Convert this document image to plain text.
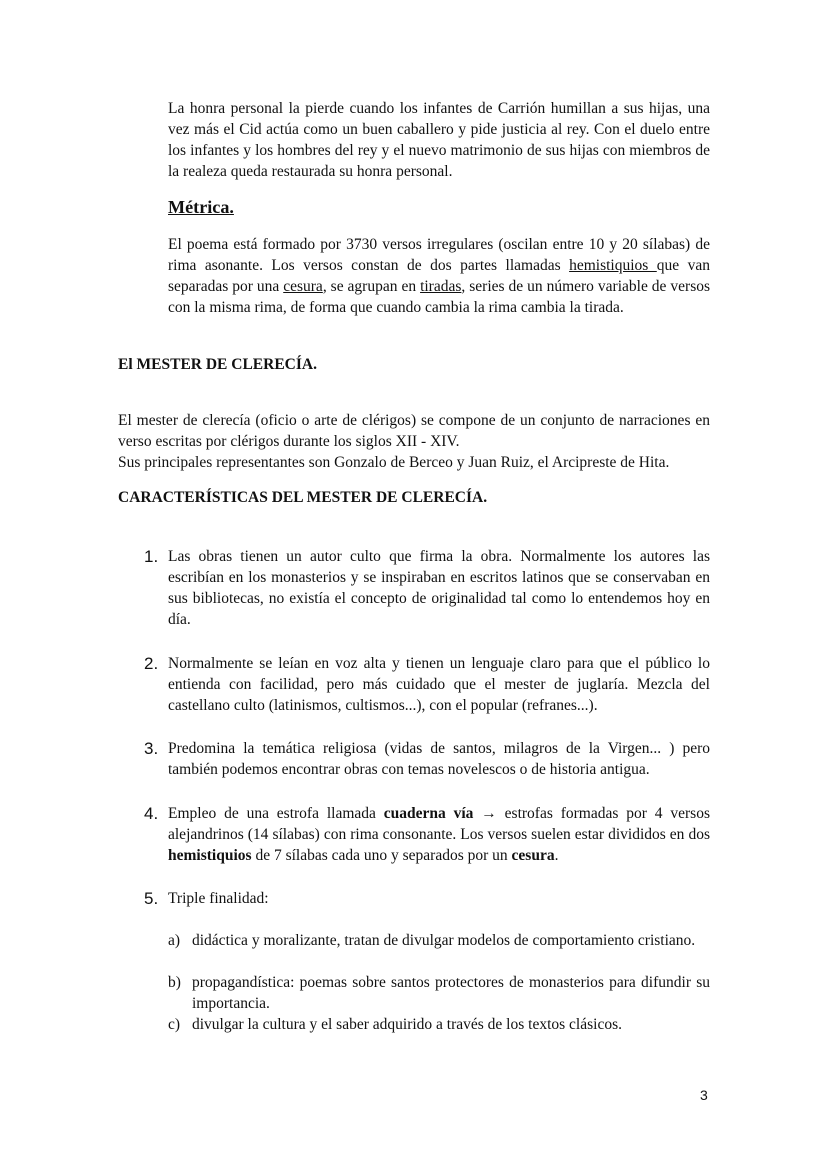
La honra personal la pierde cuando los infantes de Carrión humillan a sus hijas, una vez más el Cid actúa como un buen caballero y pide justicia al rey. Con el duelo entre los infantes y los hombres del rey y el nuevo matrimonio de sus hijas con miembros de la realeza queda restaurada su honra personal.

Métrica.

El poema está formado por 3730 versos irregulares (oscilan entre 10 y 20 sílabas) de rima asonante. Los versos constan de dos partes llamadas hemistiquios que van separadas por una cesura, se agrupan en tiradas, series de un número variable de versos con la misma rima, de forma que cuando cambia la rima cambia la tirada.

El MESTER DE CLERECÍA.

El mester de clerecía (oficio o arte de clérigos) se compone de un conjunto de narraciones en verso escritas por clérigos durante los siglos XII - XIV.

Sus principales representantes son Gonzalo de Berceo y Juan Ruiz, el Arcipreste de Hita.

CARACTERÍSTICAS DEL MESTER DE CLERECÍA.
1. Las obras tienen un autor culto que firma la obra. Normalmente los autores las escribían en los monasterios y se inspiraban en escritos latinos que se conservaban en sus bibliotecas, no existía el concepto de originalidad tal como lo entendemos hoy en día.
2. Normalmente se leían en voz alta y tienen un lenguaje claro para que el público lo entienda con facilidad, pero más cuidado que el mester de juglaría. Mezcla del castellano culto (latinismos, cultismos...), con el popular (refranes...).
3. Predomina la temática religiosa (vidas de santos, milagros de la Virgen... ) pero también podemos encontrar obras con temas novelescos o de historia antigua.
4. Empleo de una estrofa llamada cuaderna vía → estrofas formadas por 4 versos alejandrinos (14 sílabas) con rima consonante. Los versos suelen estar divididos en dos hemistiquios de 7 sílabas cada uno y separados por un cesura.
5. Triple finalidad:
a) didáctica y moralizante, tratan de divulgar modelos de comportamiento cristiano.
b) propagandística: poemas sobre santos protectores de monasterios para difundir su importancia.
c) divulgar la cultura y el saber adquirido a través de los textos clásicos.
3
